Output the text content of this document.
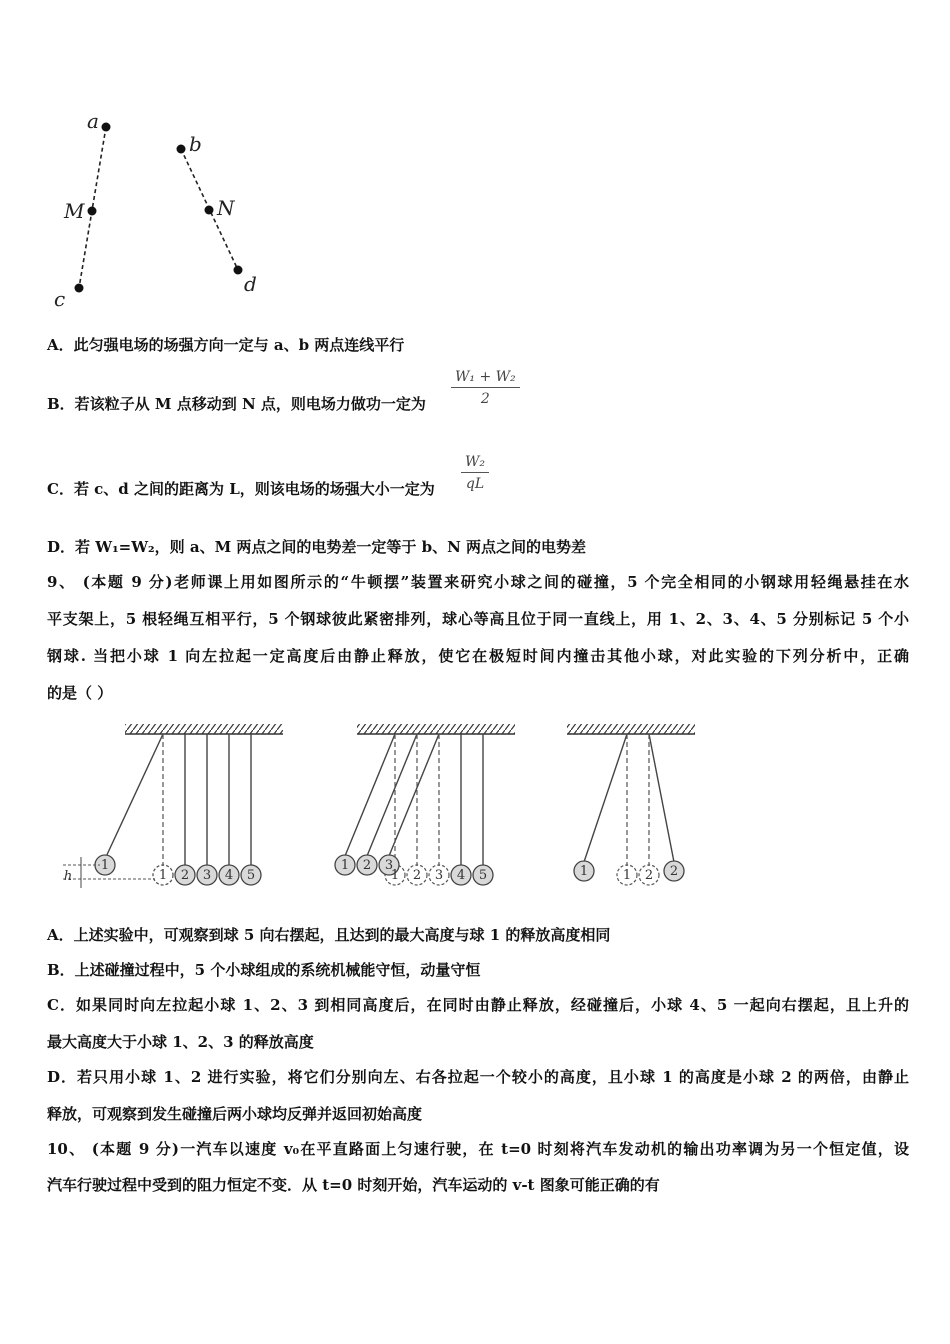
a
M
c
b
N
d
A．此匀强电场的场强方向一定与 a、b 两点连线平行
B．若该粒子从 M 点移动到 N 点，则电场力做功一定为	$\frac{\text{W₁ + W₂}}{2}$
C．若 c、d 之间的距离为 L，则该电场的场强大小一定为	$\frac{\text{W₂}}{qL}$
D．若 W₁=W₂，则 a、M 两点之间的电势差一定等于 b、N 两点之间的电势差
9、 (本题 9 分)老师课上用如图所示的“牛顿摆”装置来研究小球之间的碰撞，5 个完全相同的小钢球用轻绳悬挂在水
平支架上，5 根轻绳互相平行，5 个钢球彼此紧密排列，球心等高且位于同一直线上，用 1、2、3、4、5 分别标记 5 个小
钢球. 当把小球 1 向左拉起一定高度后由静止释放，使它在极短时间内撞击其他小球，对此实验的下列分析中，正确
的是（ ）
h
1
1 2 3 4 5
1 2 3
1 2 3 4 5	1	1 2 2
A．上述实验中，可观察到球 5 向右摆起，且达到的最大高度与球 1 的释放高度相同
B．上述碰撞过程中，5 个小球组成的系统机械能守恒，动量守恒
C．如果同时向左拉起小球 1、2、3 到相同高度后，在同时由静止释放，经碰撞后，小球 4、5 一起向右摆起，且上升的
最大高度大于小球 1、2、3 的释放高度
D．若只用小球 1、2 进行实验，将它们分别向左、右各拉起一个较小的高度，且小球 1 的高度是小球 2 的两倍，由静止
释放，可观察到发生碰撞后两小球均反弹并返回初始高度
10、 (本题 9 分)一汽车以速度 v₀在平直路面上匀速行驶，在 t=0 时刻将汽车发动机的输出功率调为另一个恒定值，设
汽车行驶过程中受到的阻力恒定不变．从 t=0 时刻开始，汽车运动的 v-t 图象可能正确的有
